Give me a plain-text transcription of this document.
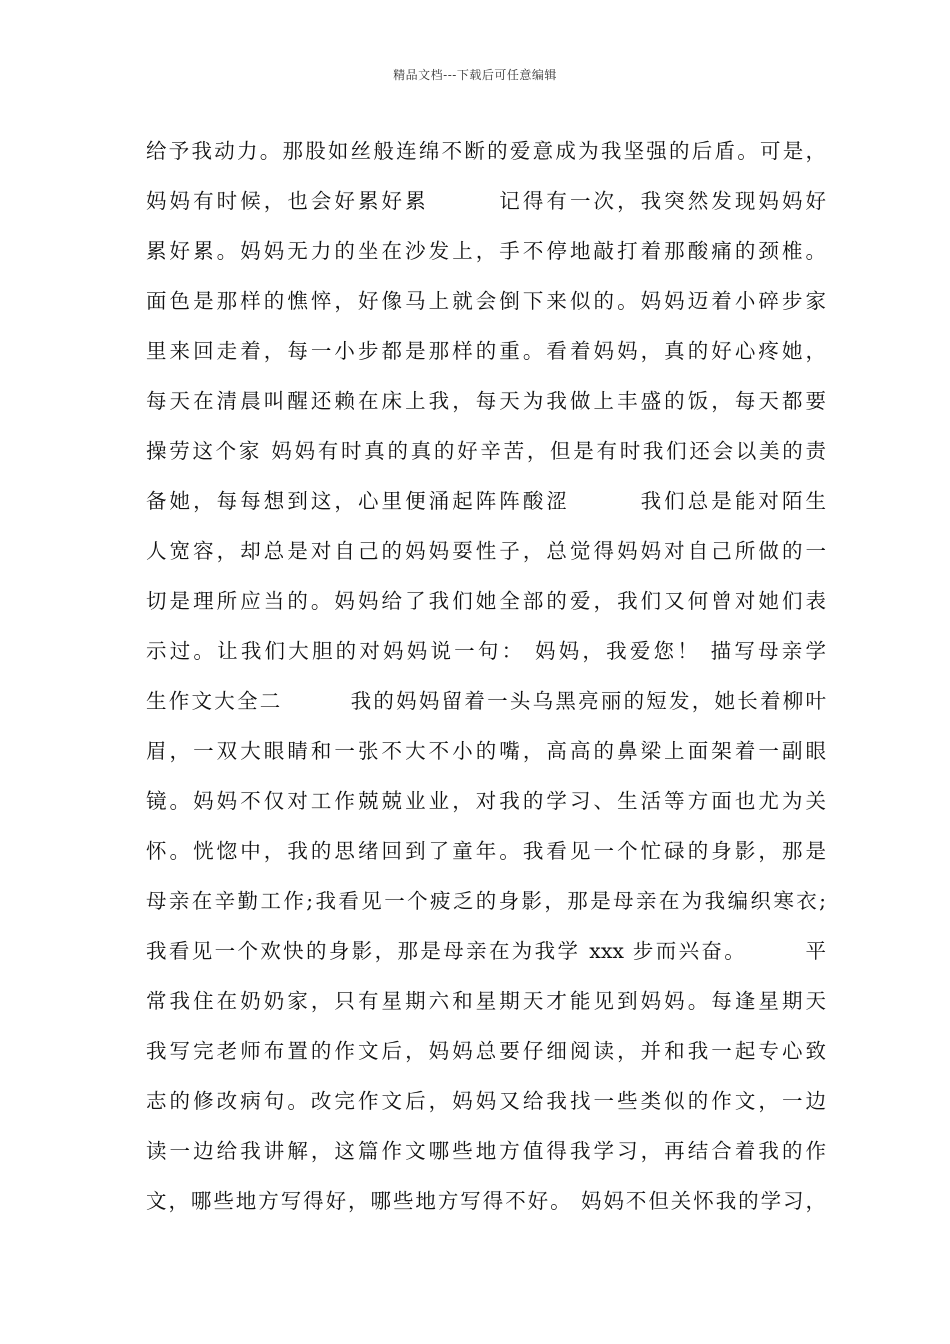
精品文档---下载后可任意编辑
给予我动力。那股如丝般连绵不断的爱意成为我坚强的后盾。可是，
妈妈有时候，也会好累好累　　　记得有一次，我突然发现妈妈好
累好累。妈妈无力的坐在沙发上，手不停地敲打着那酸痛的颈椎。
面色是那样的憔悴，好像马上就会倒下来似的。妈妈迈着小碎步家
里来回走着，每一小步都是那样的重。看着妈妈，真的好心疼她，
每天在清晨叫醒还赖在床上我，每天为我做上丰盛的饭，每天都要
操劳这个家 妈妈有时真的真的好辛苦，但是有时我们还会以美的责
备她，每每想到这，心里便涌起阵阵酸涩　　　我们总是能对陌生
人宽容，却总是对自己的妈妈耍性子，总觉得妈妈对自己所做的一
切是理所应当的。妈妈给了我们她全部的爱，我们又何曾对她们表
示过。让我们大胆的对妈妈说一句： 妈妈，我爱您！ 描写母亲学
生作文大全二　　　我的妈妈留着一头乌黑亮丽的短发，她长着柳叶
眉，一双大眼睛和一张不大不小的嘴，高高的鼻梁上面架着一副眼
镜。妈妈不仅对工作兢兢业业，对我的学习、生活等方面也尤为关
怀。恍惚中，我的思绪回到了童年。我看见一个忙碌的身影，那是
母亲在辛勤工作;我看见一个疲乏的身影，那是母亲在为我编织寒衣;
我看见一个欢快的身影，那是母亲在为我学 xxx 步而兴奋。　　　平
常我住在奶奶家，只有星期六和星期天才能见到妈妈。每逢星期天
我写完老师布置的作文后，妈妈总要仔细阅读，并和我一起专心致
志的修改病句。改完作文后，妈妈又给我找一些类似的作文，一边
读一边给我讲解，这篇作文哪些地方值得我学习，再结合着我的作
文，哪些地方写得好，哪些地方写得不好。 妈妈不但关怀我的学习，
